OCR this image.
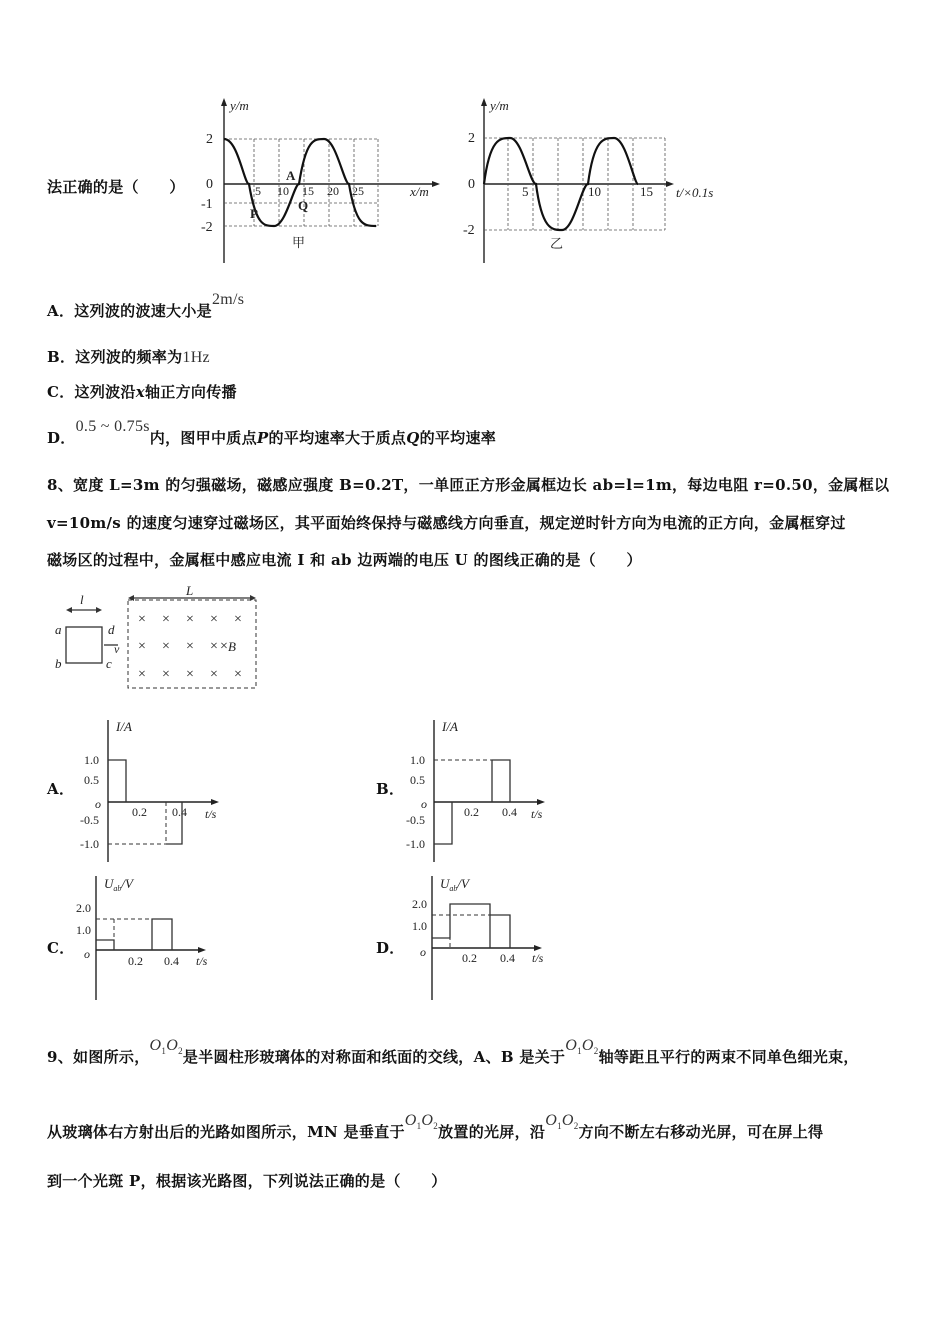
法正确的是（　　）
y/m
x/m
2
0
-1
-2
5 10 15 20 25
A
P
Q
甲
y/m
t/×0.1s
2
0
-2
5	10	15
乙
A．这列波的波速大小是2m/s
B．这列波的频率为1Hz
C．这列波沿x轴正方向传播
D．0.5 ~ 0.75s内，图甲中质点P的平均速率大于质点Q的平均速率
8、宽度 L=3m 的匀强磁场，磁感应强度 B=0.2T，一单匝正方形金属框边长 ab=l=1m，每边电阻 r=0.50，金属框以
v=10m/s 的速度匀速穿过磁场区，其平面始终保持与磁感线方向垂直，规定逆时针方向为电流的正方向，金属框穿过
磁场区的过程中，金属框中感应电流 I 和 ab 边两端的电压 U 的图线正确的是（　　）
l
a
b	c
d
v
L
× × × × ×
× × × ×
× × × × ×
× B
A．
I/A
t/s
o
1.0
0.5
-0.5
-1.0
0.2 0.4
B．
I/A
t/s
o
1.0
0.5
-0.5
-1.0
0.2 0.4
C．
$U_{ab}/V$
t/s
o
2.0
1.0
0.2 0.4
D．
$U_{ab}/V$
t/s
o
2.0
1.0
0.2 0.4
9、如图所示，$O_1O_2$是半圆柱形玻璃体的对称面和纸面的交线，A、B 是关于$O_1O_2$轴等距且平行的两束不同单色细光束，
从玻璃体右方射出后的光路如图所示，MN 是垂直于$O_1O_2$放置的光屏，沿$O_1O_2$方向不断左右移动光屏，可在屏上得
到一个光斑 P，根据该光路图，下列说法正确的是（　　）
